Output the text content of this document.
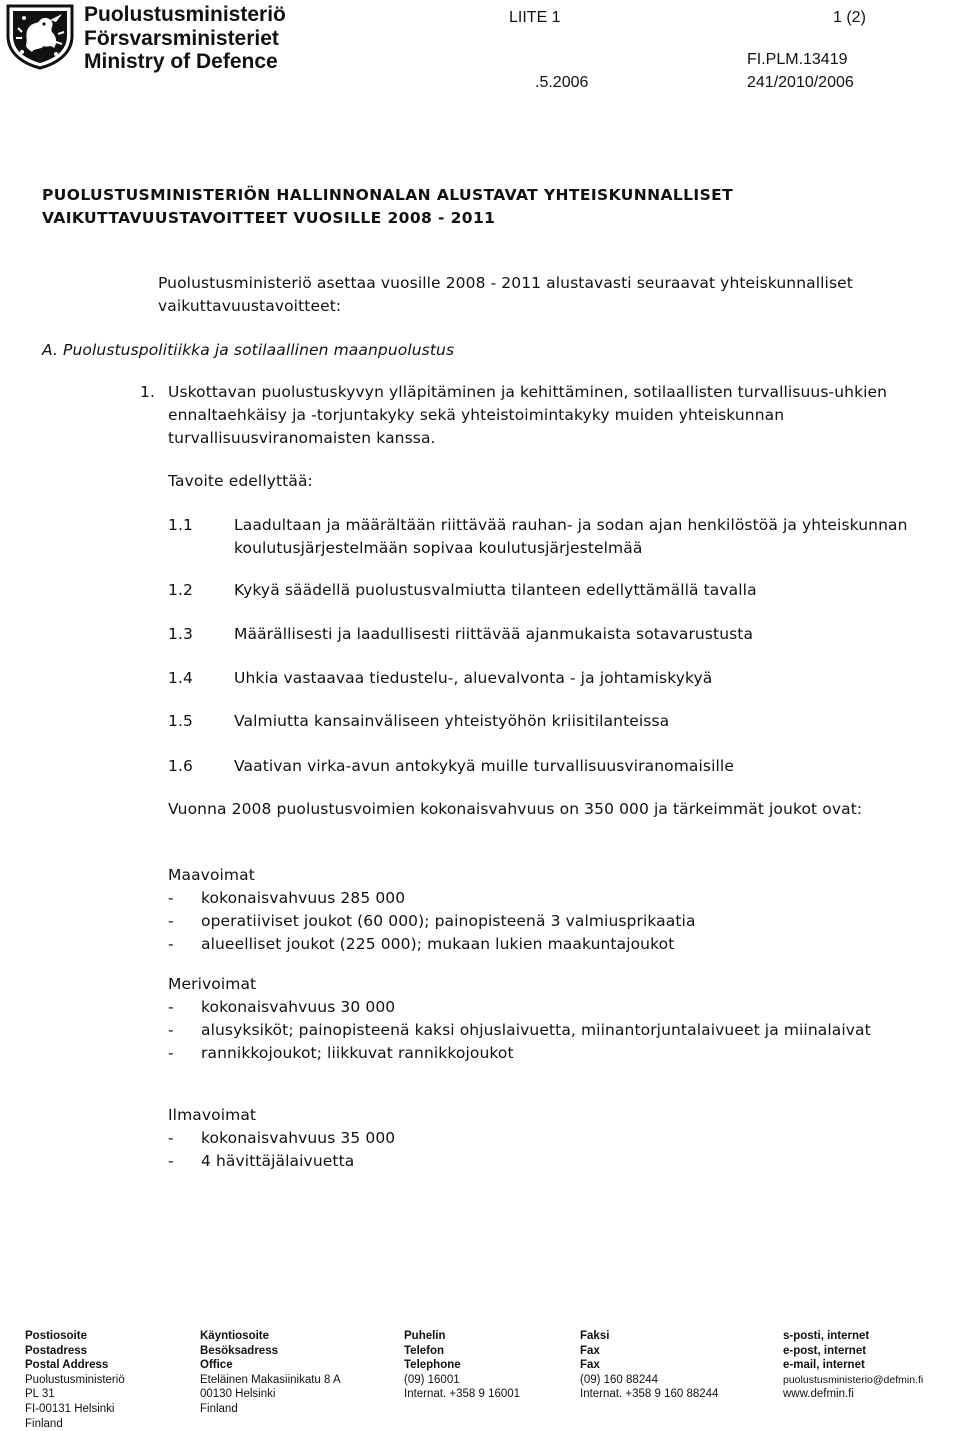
Puolustusministeriö
Försvarsministeriet
Ministry of Defence
LIITE 1	1 (2)
FI.PLM.13419
.5.2006	241/2010/2006
PUOLUSTUSMINISTERIÖN HALLINNONALAN ALUSTAVAT YHTEISKUNNALLISET
VAIKUTTAVUUSTAVOITTEET VUOSILLE 2008 - 2011
Puolustusministeriö asettaa vuosille 2008 - 2011 alustavasti seuraavat yhteiskunnalliset vaikuttavuustavoitteet:
A. Puolustuspolitiikka ja sotilaallinen maanpuolustus
1. Uskottavan puolustuskyvyn ylläpitäminen ja kehittäminen, sotilaallisten turvallisuus-uhkien ennaltaehkäisy ja -torjuntakyky sekä yhteistoimintakyky muiden yhteiskunnan turvallisuusviranomaisten kanssa.
Tavoite edellyttää:
1.1	Laadultaan ja määrältään riittävää rauhan- ja sodan ajan henkilöstöä ja yhteiskunnan koulutusjärjestelmään sopivaa koulutusjärjestelmää
1.2	Kykyä säädellä puolustusvalmiutta tilanteen edellyttämällä tavalla
1.3	Määrällisesti ja laadullisesti riittävää ajanmukaista sotavarustusta
1.4	Uhkia vastaavaa tiedustelu-, aluevalvonta - ja johtamiskykyä
1.5	Valmiutta kansainväliseen yhteistyöhön kriisitilanteissa
1.6	Vaativan virka-avun antokykyä muille turvallisuusviranomaisille
Vuonna 2008 puolustusvoimien kokonaisvahvuus on 350 000 ja tärkeimmät joukot ovat:
Maavoimat
- kokonaisvahvuus 285 000
- operatiiviset joukot (60 000); painopisteenä 3 valmiusprikaatia
- alueelliset joukot (225 000); mukaan lukien maakuntajoukot
Merivoimat
- kokonaisvahvuus 30 000
- alusyksiköt; painopisteenä kaksi ohjuslaivuetta, miinantorjuntalaivueet ja miinalaivat
- rannikkojoukot; liikkuvat rannikkojoukot
Ilmavoimat
- kokonaisvahvuus 35 000
- 4 hävittäjälaivuetta
Postiosoite
Postadress
Postal Address
Puolustusministeriö
PL 31
FI-00131 Helsinki
Finland
Käyntiosoite
Besöksadress
Office
Eteläinen Makasiinikatu 8 A
00130 Helsinki
Finland
Puhelin
Telefon
Telephone
(09) 16001
Internat. +358 9 16001
Faksi
Fax
Fax
(09) 160 88244
Internat. +358 9 160 88244
s-posti, internet
e-post, internet
e-mail, internet
puolustusministerio@defmin.fi
www.defmin.fi
